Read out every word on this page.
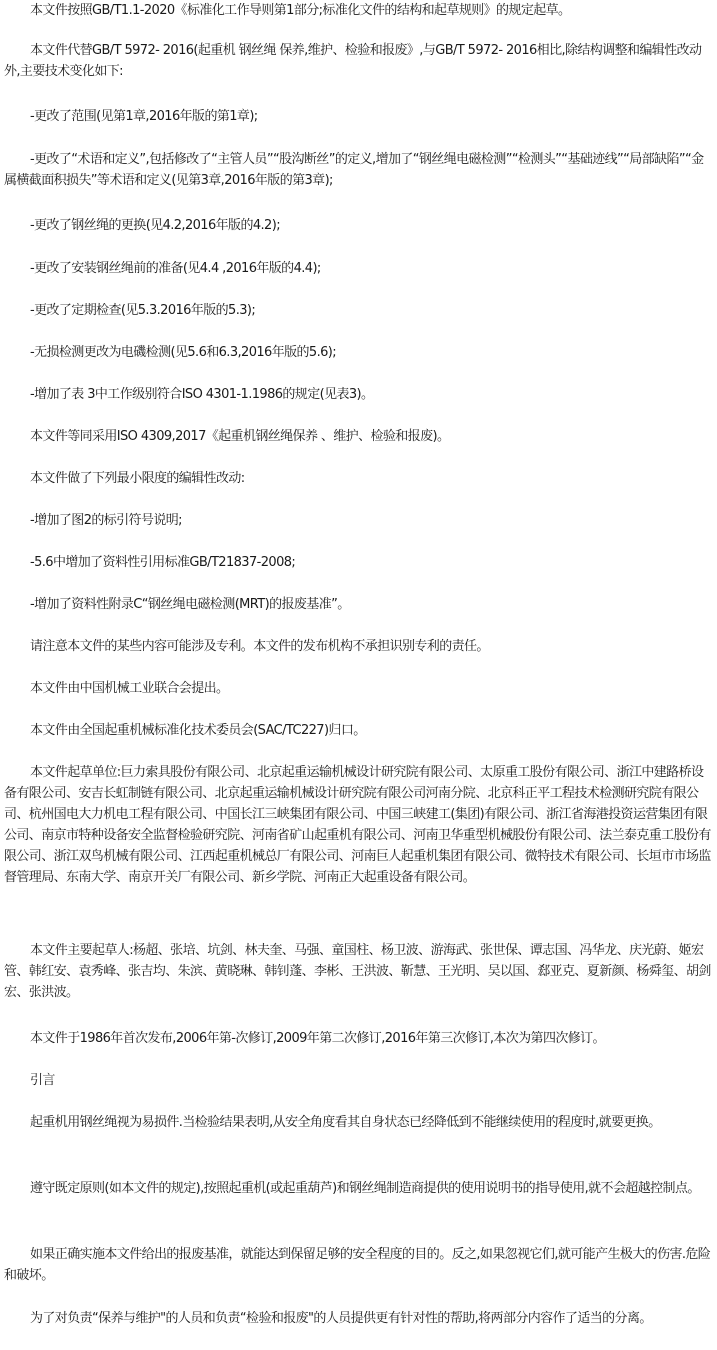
本文件按照GB/T1.1-2020《标准化工作导则第1部分;标准化文件的结构和起草规则》的规定起草。

本文件代替GB/T 5972- 2016(起重机 钢丝绳 保养,维护、检验和报废》,与GB/T 5972- 2016相比,除结构调整和编辑性改动外,主要技术变化如下:

-更改了范围(见第1章,2016年版的第1章);

-更改了“术语和定义”,包括修改了“主管人员”“股沟断丝”的定义,增加了“钢丝绳电磁检测”“检测头”“基础迹线”“局部缺陷”“金属横截面积损失”等术语和定义(见第3章,2016年版的第3章);

-更改了钢丝绳的更换(见4.2,2016年版的4.2);

-更改了安装钢丝绳前的准备(见4.4 ,2016年版的4.4);

-更改了定期检查(见5.3.2016年版的5.3);

-无损检测更改为电磯检测(见5.6和6.3,2016年版的5.6);

-增加了表 3中工作级别符合ISO 4301-1.1986的规定(见表3)。

本文件等同采用ISO 4309,2017《起重机钢丝绳保养 、维护、检验和报废)。

本文件做了下列最小限度的编辑性改动:

-增加了图2的标引符号说明;

-5.6中增加了资料性引用标准GB/T21837-2008;

-增加了资料性附录C“钢丝绳电磁检测(MRT)的报废基准”。

请注意本文件的某些内容可能涉及专利。本文件的发布机构不承担识别专利的责任。

本文件由中国机械工业联合会提出。

本文件由全国起重机械标准化技术委员会(SAC/TC227)归口。

本文件起草单位:巨力索具股份有限公司、北京起重运输机械设计研究院有限公司、太原重工股份有限公司、浙江中建路桥设备有限公司、安吉长虹制链有限公司、北京起重运输机械设计研究院有限公司河南分院、北京科正平工程技术检测研究院有限公司、杭州国电大力机电工程有限公司、中国长江三峡集团有限公司、中国三峡建工(集团)有限公司、浙江省海港投资运营集团有限公司、南京市特种设备安全监督检验研究院、河南省矿山起重机有限公司、河南卫华重型机械股份有限公司、法兰泰克重工股份有限公司、浙江双鸟机械有限公司、江西起重机械总厂有限公司、河南巨人起重机集团有限公司、微特技术有限公司、长垣市市场监督管理局、东南大学、南京开关厂有限公司、新乡学院、河南正大起重设备有限公司。

本文件主要起草人:杨超、张培、坑剑、林夫奎、马强、童国柱、杨卫波、游海武、张世保、谭志国、冯华龙、庆光蔚、姬宏管、韩红安、袁秀峰、张吉均、朱滨、黄晓琳、韩钊蓬、李彬、王洪波、靳慧、王光明、吴以国、郄亚克、夏新颜、杨舜玺、胡剑宏、张洪波。

本文件于1986年首次发布,2006年第-次修订,2009年第二次修订,2016年第三次修订,本次为第四次修订。

引言

起重机用钢丝绳视为易损件.当检验结果表明,从安全角度看其自身状态已经降低到不能继续使用的程度时,就要更换。

遵守既定原则(如本文件的规定),按照起重机(或起重葫芦)和钢丝绳制造商提供的使用说明书的指导使用,就不会超越控制点。

如果正确实施本文件给出的报废基准，就能达到保留足够的安全程度的目的。反之,如果忽视它们,就可能产生极大的伤害.危险和破坏。

为了对负责“保养与维护"的人员和负责“检验和报废"的人员提供更有针对性的帮助,将两部分内容作了适当的分离。
